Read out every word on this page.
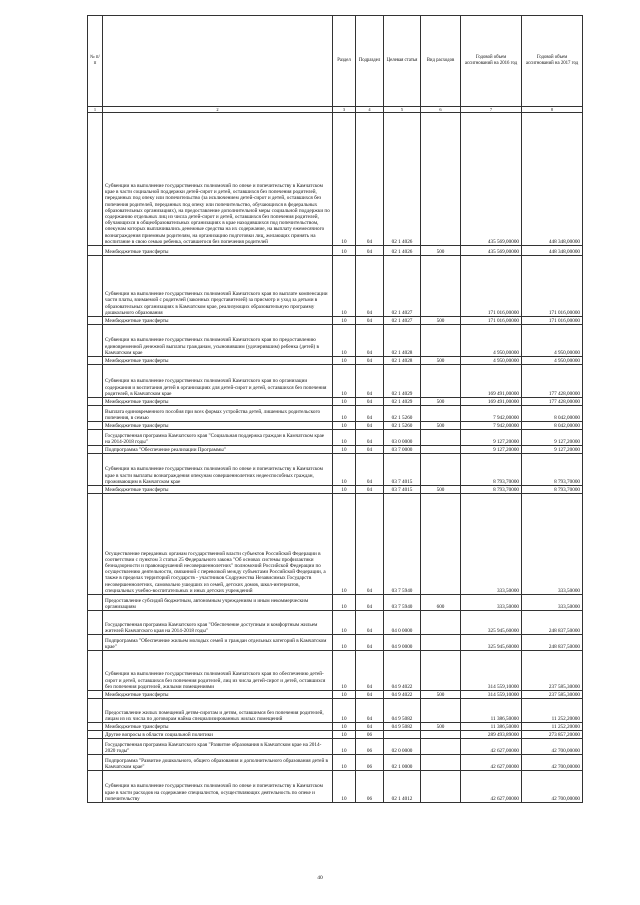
№ п/п		Раздел	Подраздел	Целевая статья	Вид расходов	Годовой объем ассигнований на 2016 год	Годовой объем ассигнований на 2017 год
1	2	3	4	5	6	7	8
	Субвенции на выполнение государственных полномочий по опеке и попечительству в Камчатском крае в части социальной поддержки детей-сирот и детей, оставшихся без попечения родителей, переданных под опеку или попечительство (за исключением детей-сирот и детей, оставшихся без попечения родителей, переданных под опеку или попечительство, обучающихся в федеральных образовательных организациях), на предоставление дополнительной меры социальной поддержки по содержанию отдельных лиц из числа детей-сирот и детей, оставшихся без попечения родителей, обучающихся в общеобразовательных организациях в крае находившихся под попечительством, опекунам которых выплачивались денежные средства на их содержание, на выплату ежемесячного вознаграждения приемным родителям, на организацию подготовки лиц, желающих принять на воспитание в свою семью ребенка, оставшегося без попечения родителей	10	04	02 1 4026		435 569,00000	448 348,00000
	Межбюджетные трансферты	10	04	02 1 4026	500	435 569,00000	448 348,00000
	Субвенции на выполнение государственных полномочий Камчатского края по выплате компенсации части платы, взимаемой с родителей (законных представителей) за присмотр и уход за детьми в образовательных организациях в Камчатском крае, реализующих образовательную программу дошкольного образования	10	04	02 1 4027		171 016,00000	171 016,00000
	Межбюджетные трансферты	10	04	02 1 4027	500	171 016,00000	171 016,00000
	Субвенции на выполнение государственных полномочий Камчатского края по предоставлению единовременной денежной выплаты гражданам, усыновившим (удочерившим) ребенка (детей) в Камчатском крае	10	04	02 1 4028		4 950,00000	4 950,00000
	Межбюджетные трансферты	10	04	02 1 4028	500	4 950,00000	4 950,00000
	Субвенции на выполнение государственных полномочий Камчатского края по организации содержания и воспитания детей в организациях для детей-сирот и детей, оставшихся без попечения родителей, в Камчатском крае	10	04	02 1 4029		169 491,00000	177 428,00000
	Межбюджетные трансферты	10	04	02 1 4029	500	169 491,00000	177 428,00000
	Выплата единовременного пособия при всех формах устройства детей, лишенных родительского попечения, в семью	10	04	02 1 5260		7 942,00000	8 042,00000
	Межбюджетные трансферты	10	04	02 1 5260	500	7 942,00000	8 042,00000
	Государственная программа Камчатского края "Социальная поддержка граждан в Камчатском крае на 2014-2018 годы"	10	04	03 0 0000		9 127,20000	9 127,20000
	Подпрограмма "Обеспечение реализации Программы"	10	04	03 7 0000		9 127,20000	9 127,20000
	Субвенции на выполнение государственных полномочий по опеке и попечительству в Камчатском крае в части выплаты вознаграждения опекунам совершеннолетних недееспособных граждан, проживающим в Камчатском крае	10	04	03 7 4015		8 793,70000	8 793,70000
	Межбюджетные трансферты	10	04	03 7 4015	500	8 793,70000	8 793,70000
	Осуществление переданных органам государственной власти субъектов Российской Федерации в соответствии с пунктом 3 статьи 25 Федерального закона "Об основах системы профилактики безнадзорности и правонарушений несовершеннолетних" полномочий Российской Федерации по осуществлению деятельности, связанной с перевозкой между субъектами Российской Федерации, а также в пределах территорий государств - участников Содружества Независимых Государств несовершеннолетних, самовольно ушедших из семей, детских домов, школ-интернатов, специальных учебно-воспитательных и иных детских учреждений	10	04	03 7 5940		333,50000	333,50000
	Предоставление субсидий бюджетным, автономным учреждениям и иным некоммерческим организациям	10	04	03 7 5940	600	333,50000	333,50000
	Государственная программа Камчатского края "Обеспечение доступным и комфортным жильем жителей Камчатского края на 2014-2018 годы"	10	04	04 0 0000		325 945,60000	248 837,50000
	Подпрограмма "Обеспечение жильем молодых семей и граждан отдельных категорий в Камчатском крае"	10	04	04 9 0000		325 945,60000	248 837,50000
	Субвенции на выполнение государственных полномочий Камчатского края по обеспечению детей-сирот и детей, оставшихся без попечения родителей, лиц из числа детей-сирот и детей, оставшихся без попечения родителей, жилыми помещениями	10	04	04 9 4022		314 559,10000	237 585,30000
	Межбюджетные трансферты	10	04	04 9 4022	500	314 559,10000	237 585,30000
	Предоставление жилых помещений детям-сиротам и детям, оставшимся без попечения родителей, лицам из их числа по договорам найма специализированных жилых помещений	10	04	04 9 5082		11 386,50000	11 252,20000
	Межбюджетные трансферты	10	04	04 9 5082	500	11 386,50000	11 252,20000
	Другие вопросы в области социальной политики	10	06			289 493,89000	273 857,20000
	Государственная программа Камчатского края "Развитие образования в Камчатском крае на 2014-2020 годы"	10	06	02 0 0000		42 627,00000	42 700,00000
	Подпрограмма "Развитие дошкольного, общего образования и дополнительного образования детей в Камчатском крае"	10	06	02 1 0000		42 627,00000	42 700,00000
	Субвенции на выполнение государственных полномочий по опеке и попечительству в Камчатском крае в части расходов на содержание специалистов, осуществляющих деятельность по опеке и попечительству	10	06	02 1 4012		42 627,00000	42 700,00000
40
